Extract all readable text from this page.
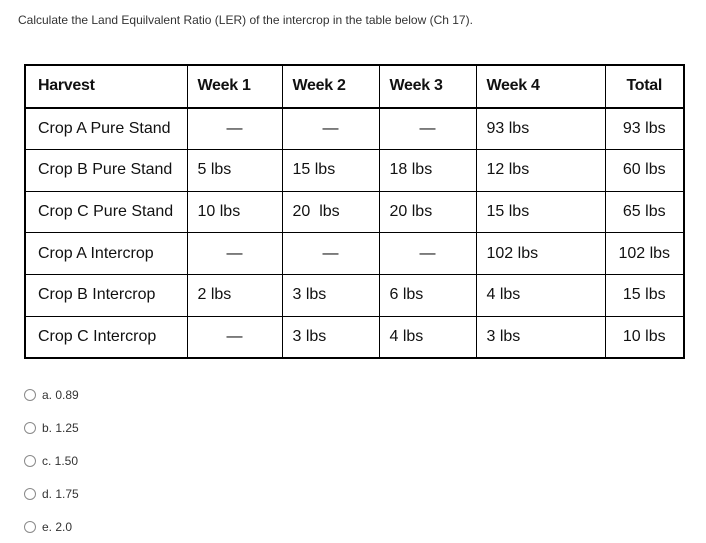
Calculate the Land Equilvalent Ratio (LER) of the intercrop in the table below (Ch 17).
Harvest	Week 1	Week 2	Week 3	Week 4	Total
Crop A Pure Stand	—	—	—	93 lbs	93 lbs
Crop B Pure Stand	5 lbs	15 lbs	18 lbs	12 lbs	60 lbs
Crop C Pure Stand	10 lbs	20  lbs	20 lbs	15 lbs	65 lbs
Crop A Intercrop	—	—	—	102 lbs	102 lbs
Crop B Intercrop	2 lbs	3 lbs	6 lbs	4 lbs	15 lbs
Crop C Intercrop	—	3 lbs	4 lbs	3 lbs	10 lbs
a. 0.89
b. 1.25
c. 1.50
d. 1.75
e. 2.0
